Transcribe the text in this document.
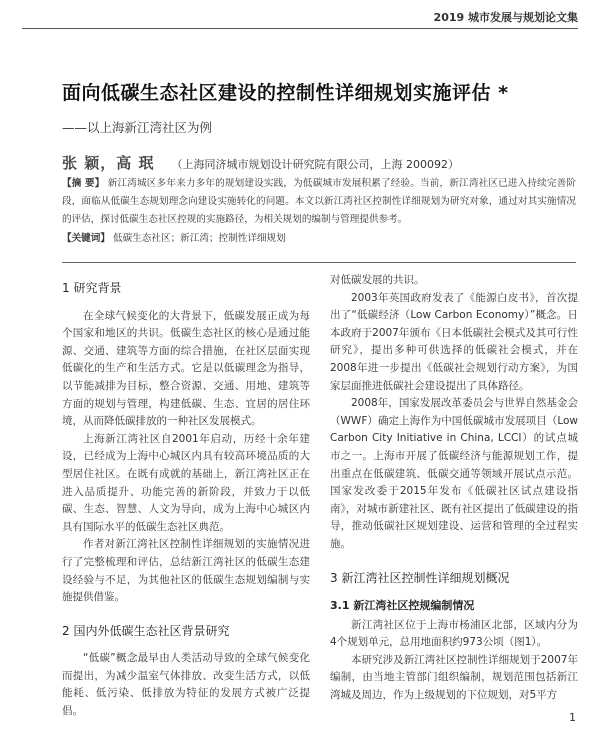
2019 城市发展与规划论文集
面向低碳生态社区建设的控制性详细规划实施评估 *
——以上海新江湾社区为例
张 颖，高 珉 （上海同济城市规划设计研究院有限公司，上海 200092）

【摘 要】 新江湾城区多年来力多年的规划建设实践，为低碳城市发展积累了经验。当前，新江湾社区已进入持续完善阶段，面临从低碳生态规划理念向建设实施转化的问题。本文以新江湾社区控制性详细规划为研究对象，通过对其实施情况的评估，探讨低碳生态社区控规的实施路径，为相关规划的编制与管理提供参考。

【关键词】 低碳生态社区；新江湾；控制性详细规划

1 研究背景

在全球气候变化的大背景下，低碳发展正成为每个国家和地区的共识。低碳生态社区的核心是通过能源、交通、建筑等方面的综合措施，在社区层面实现低碳化的生产和生活方式。它是以低碳理念为指导，以节能减排为目标，整合资源、交通、用地、建筑等方面的规划与管理，构建低碳、生态、宜居的居住环境，从而降低碳排放的一种社区发展模式。

上海新江湾社区自2001年启动，历经十余年建设，已经成为上海中心城区内具有较高环境品质的大型居住社区。在既有成就的基础上，新江湾社区正在进入品质提升、功能完善的新阶段，并致力于以低碳、生态、智慧、人文为导向，成为上海中心城区内具有国际水平的低碳生态社区典范。

作者对新江湾社区控制性详细规划的实施情况进行了完整梳理和评估，总结新江湾社区的低碳生态建设经验与不足，为其他社区的低碳生态规划编制与实施提供借鉴。

2 国内外低碳生态社区背景研究

“低碳”概念最早由人类活动导致的全球气候变化而提出，为减少温室气体排放、改变生活方式，以低能耗、低污染、低排放为特征的发展方式被广泛提倡。

对低碳发展的共识。

2003年英国政府发表了《能源白皮书》，首次提出了“低碳经济（Low Carbon Economy）”概念。日本政府于2007年颁布《日本低碳社会模式及其可行性研究》，提出多种可供选择的低碳社会模式，并在2008年进一步提出《低碳社会规划行动方案》，为国家层面推进低碳社会建设提出了具体路径。

2008年，国家发展改革委员会与世界自然基金会（WWF）确定上海作为中国低碳城市发展项目（Low Carbon City Initiative in China, LCCI）的试点城市之一。上海市开展了低碳经济与能源规划工作，提出重点在低碳建筑、低碳交通等领域开展试点示范。国家发改委于2015年发布《低碳社区试点建设指南》，对城市新建社区、既有社区提出了低碳建设的指导，推动低碳社区规划建设、运营和管理的全过程实施。

3 新江湾社区控制性详细规划概况
3.1 新江湾社区控规编制情况

新江湾社区位于上海市杨浦区北部，区域内分为4个规划单元，总用地面积约973公顷（图1）。

本研究涉及新江湾社区控制性详细规划于2007年编制，由当地主管部门组织编制，规划范围包括新江湾城及周边，作为上级规划的下位规划，对5平方

1
